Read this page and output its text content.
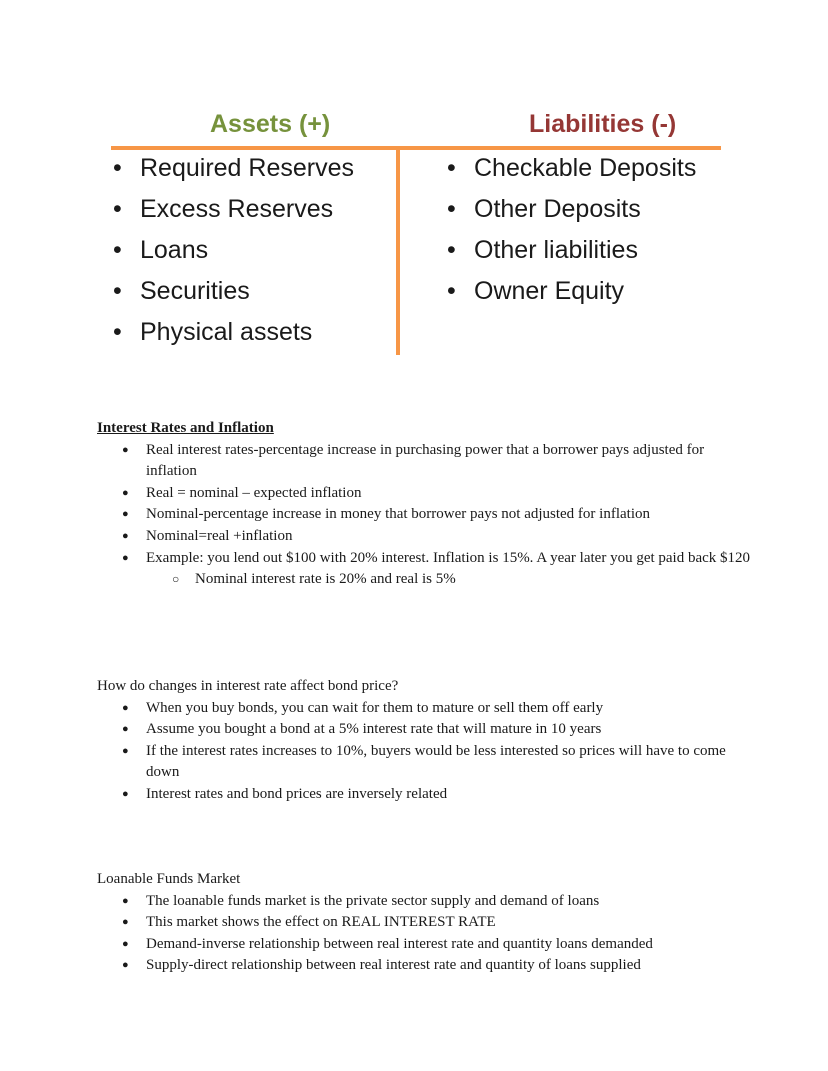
Assets (+)	Liabilities (-)
• Required Reserves
• Excess Reserves
• Loans
• Securities
• Physical assets
• Checkable Deposits
• Other Deposits
• Other liabilities
• Owner Equity

Interest Rates and Inflation

● Real interest rates-percentage increase in purchasing power that a borrower pays adjusted for inflation
● Real = nominal – expected inflation
● Nominal-percentage increase in money that borrower pays not adjusted for inflation
● Nominal=real +inflation
● Example: you lend out $100 with 20% interest. Inflation is 15%. A year later you get paid back $120
○ Nominal interest rate is 20% and real is 5%

How do changes in interest rate affect bond price?

● When you buy bonds, you can wait for them to mature or sell them off early
● Assume you bought a bond at a 5% interest rate that will mature in 10 years
● If the interest rates increases to 10%, buyers would be less interested so prices will have to come down
● Interest rates and bond prices are inversely related

Loanable Funds Market

● The loanable funds market is the private sector supply and demand of loans
● This market shows the effect on REAL INTEREST RATE
● Demand-inverse relationship between real interest rate and quantity loans demanded
● Supply-direct relationship between real interest rate and quantity of loans supplied
